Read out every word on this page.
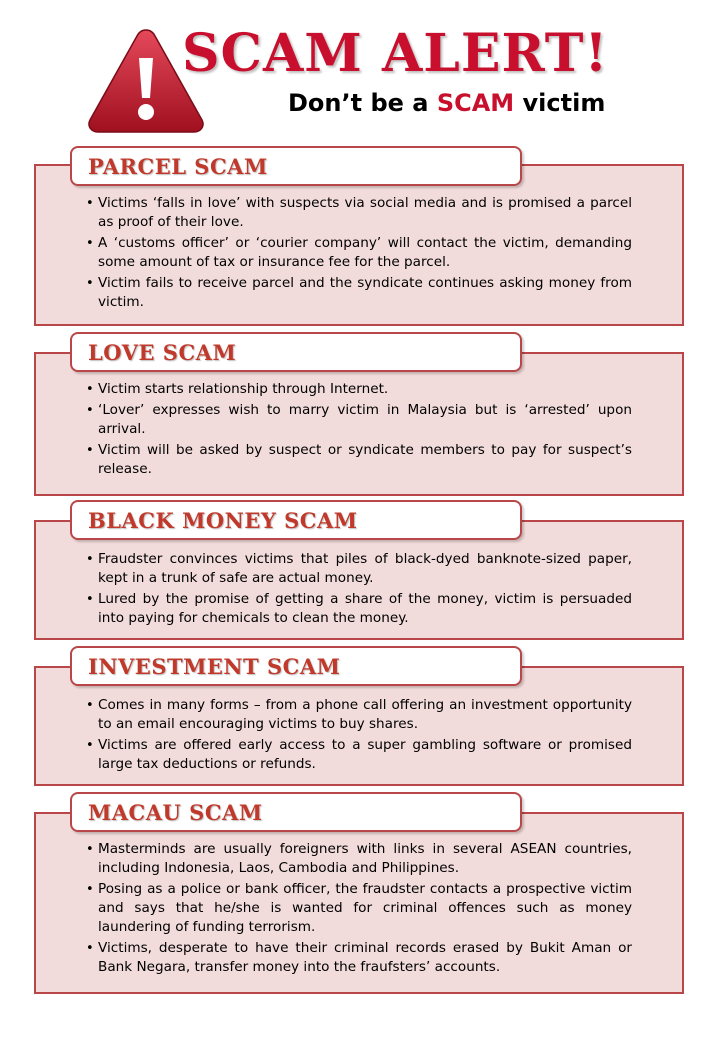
SCAM ALERT!
Don’t be a SCAM victim
• Victims ‘falls in love’ with suspects via social media and is promised a parcel as proof of their love.
• A ‘customs officer’ or ‘courier company’ will contact the victim, demanding some amount of tax or insurance fee for the parcel.
• Victim fails to receive parcel and the syndicate continues asking money from victim.
PARCEL SCAM
• Victim starts relationship through Internet.
• ‘Lover’ expresses wish to marry victim in Malaysia but is ‘arrested’ upon arrival.
• Victim will be asked by suspect or syndicate members to pay for suspect’s release.
LOVE SCAM
• Fraudster convinces victims that piles of black-dyed banknote-sized paper, kept in a trunk of safe are actual money.
• Lured by the promise of getting a share of the money, victim is persuaded into paying for chemicals to clean the money.
BLACK MONEY SCAM
• Comes in many forms – from a phone call offering an investment opportunity to an email encouraging victims to buy shares.
• Victims are offered early access to a super gambling software or promised large tax deductions or refunds.
INVESTMENT SCAM
• Masterminds are usually foreigners with links in several ASEAN countries, including Indonesia, Laos, Cambodia and Philippines.
• Posing as a police or bank officer, the fraudster contacts a prospective victim and says that he/she is wanted for criminal offences such as money laundering of funding terrorism.
• Victims, desperate to have their criminal records erased by Bukit Aman or Bank Negara, transfer money into the fraufsters’ accounts.
MACAU SCAM
